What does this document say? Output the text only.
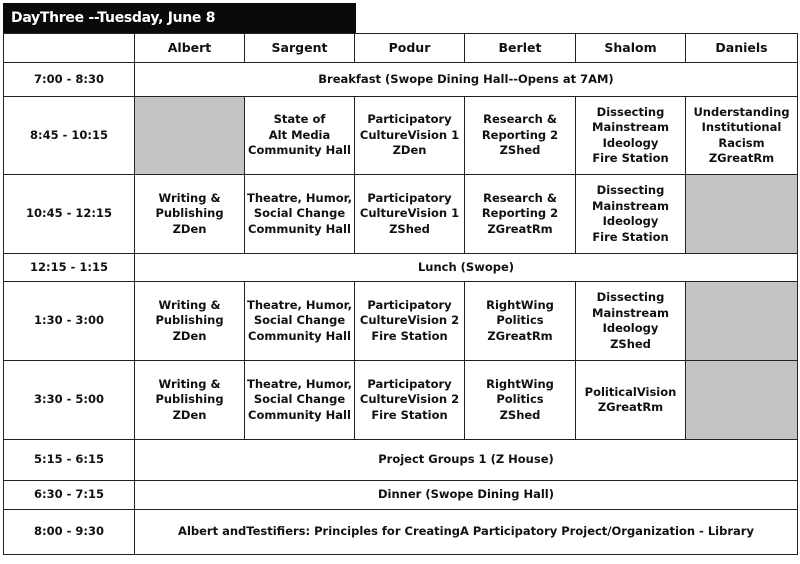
DayThree --Tuesday, June 8
	Albert	Sargent	Podur	Berlet	Shalom	Daniels
7:00 - 8:30	Breakfast (Swope Dining Hall--Opens at 7AM)					
8:45 - 10:15		State of
Alt Media
Community Hall	Participatory
CultureVision 1
ZDen	Research &
Reporting 2
ZShed	Dissecting
Mainstream
Ideology
Fire Station	Understanding
Institutional
Racism
ZGreatRm

10:45 - 12:15	Writing &
Publishing
ZDen	Theatre, Humor,
Social Change
Community Hall	Participatory
CultureVision 1
ZShed	Research &
Reporting 2
ZGreatRm	Dissecting
Mainstream
Ideology
Fire Station	

12:15 - 1:15	Lunch (Swope)					
1:30 - 3:00	Writing &
Publishing
ZDen	Theatre, Humor,
Social Change
Community Hall	Participatory
CultureVision 2
Fire Station	RightWing
Politics
ZGreatRm	Dissecting
Mainstream
Ideology
ZShed	

3:30 - 5:00	Writing &
Publishing
ZDen	Theatre, Humor,
Social Change
Community Hall	Participatory
CultureVision 2
Fire Station	RightWing
Politics
ZShed	PoliticalVision
ZGreatRm	

5:15 - 6:15	Project Groups 1 (Z House)					
6:30 - 7:15	Dinner (Swope Dining Hall)					
8:00 - 9:30	Albert andTestifiers: Principles for CreatingA Participatory Project/Organization - Library					
